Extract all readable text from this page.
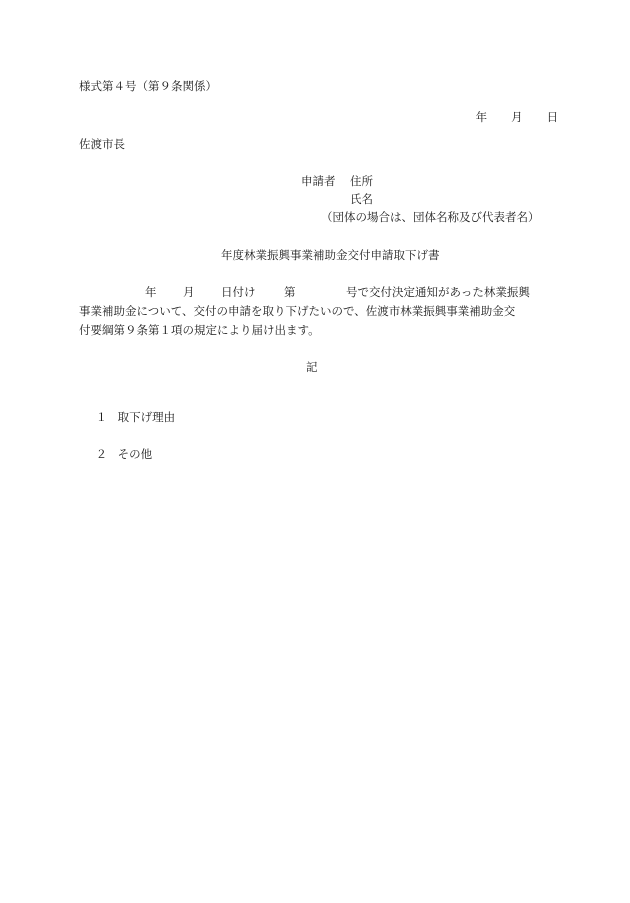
様式第４号（第９条関係）

年 月 日

佐渡市長
申請者 住所
氏名
（団体の場合は、団体名称及び代表者名）
年度林業振興事業補助金交付申請取下げ書

年

月

日付け

第

	号で交付決定通知があった林業振興

事業補助金について、交付の申請を取り下げたいので、佐渡市林業振興事業補助金交
付要綱第９条第１項の規定により届け出ます。
記

１ 取下げ理由

２ その他
